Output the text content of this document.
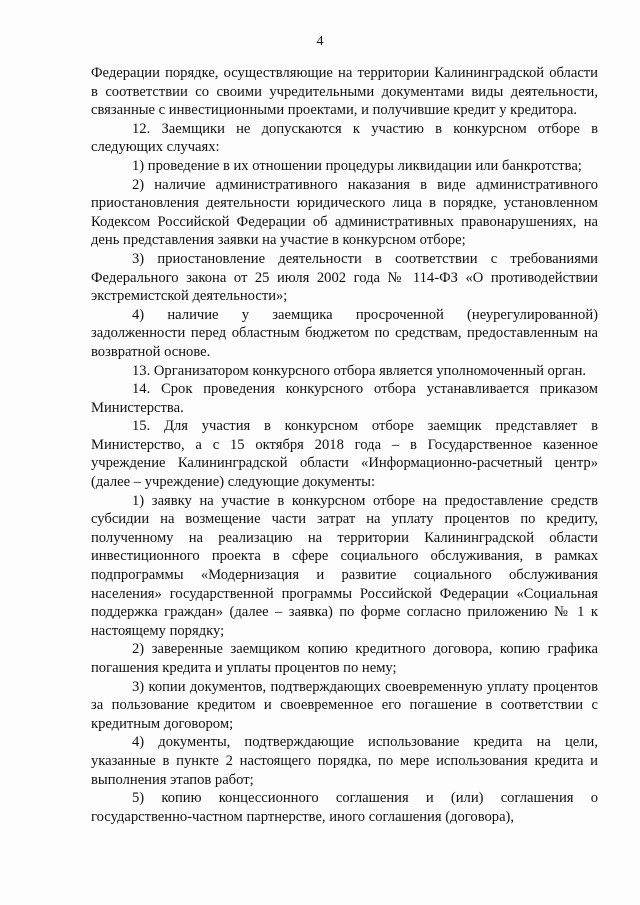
4

Федерации порядке, осуществляющие на территории Калининградской области в соответствии со своими учредительными документами виды деятельности, связанные с инвестиционными проектами, и получившие кредит у кредитора.

12. Заемщики не допускаются к участию в конкурсном отборе в следующих случаях:

1) проведение в их отношении процедуры ликвидации или банкротства;

2) наличие административного наказания в виде административного приостановления деятельности юридического лица в порядке, установленном Кодексом Российской Федерации об административных правонарушениях, на день представления заявки на участие в конкурсном отборе;

3) приостановление деятельности в соответствии с требованиями Федерального закона от 25 июля 2002 года № 114-ФЗ «О противодействии экстремистской деятельности»;

4) наличие у заемщика просроченной (неурегулированной) задолженности перед областным бюджетом по средствам, предоставленным на возвратной основе.

13. Организатором конкурсного отбора является уполномоченный орган.

14. Срок проведения конкурсного отбора устанавливается приказом Министерства.

15. Для участия в конкурсном отборе заемщик представляет в Министерство, а с 15 октября 2018 года – в Государственное казенное учреждение Калининградской области «Информационно-расчетный центр» (далее – учреждение) следующие документы:

1) заявку на участие в конкурсном отборе на предоставление средств субсидии на возмещение части затрат на уплату процентов по кредиту, полученному на реализацию на территории Калининградской области инвестиционного проекта в сфере социального обслуживания, в рамках подпрограммы «Модернизация и развитие социального обслуживания населения» государственной программы Российской Федерации «Социальная поддержка граждан» (далее – заявка) по форме согласно приложению № 1 к настоящему порядку;

2) заверенные заемщиком копию кредитного договора, копию графика погашения кредита и уплаты процентов по нему;

3) копии документов, подтверждающих своевременную уплату процентов за пользование кредитом и своевременное его погашение в соответствии с кредитным договором;

4) документы, подтверждающие использование кредита на цели, указанные в пункте 2 настоящего порядка, по мере использования кредита и выполнения этапов работ;

5) копию концессионного соглашения и (или) соглашения о государственно-частном партнерстве, иного соглашения (договора),
